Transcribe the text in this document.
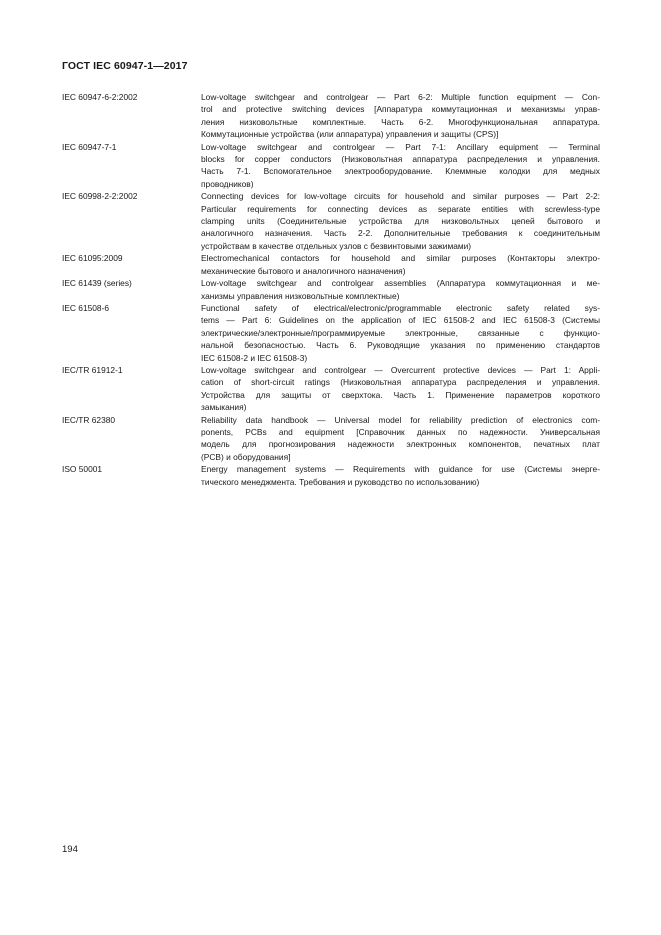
ГОСТ IEC 60947-1—2017
IEC 60947-6-2:2002	Low-voltage switchgear and controlgear — Part 6-2: Multiple function equipment — Con-
trol and protective switching devices [Аппаратура коммутационная и механизмы управ-
ления низковольтные комплектные. Часть 6-2. Многофункциональная аппаратура.
Коммутационные устройства (или аппаратура) управления и защиты (CPS)]
IEC 60947-7-1	Low-voltage switchgear and controlgear — Part 7-1: Ancillary equipment — Terminal
blocks for copper conductors (Низковольтная аппаратура распределения и управления.
Часть 7-1. Вспомогательное электрооборудование. Клеммные колодки для медных
проводников)
IEC 60998-2-2:2002	Connecting devices for low-voltage circuits for household and similar purposes — Part 2-2:
Particular requirements for connecting devices as separate entities with screwless-type
clamping units (Соединительные устройства для низковольтных цепей бытового и
аналогичного назначения. Часть 2-2. Дополнительные требования к соединительным
устройствам в качестве отдельных узлов с безвинтовыми зажимами)
IEC 61095:2009	Electromechanical contactors for household and similar purposes (Контакторы электро-
механические бытового и аналогичного назначения)
IEC 61439 (series)	Low-voltage switchgear and controlgear assemblies (Аппаратура коммутационная и ме-
ханизмы управления низковольтные комплектные)
IEC 61508-6	Functional safety of electrical/electronic/programmable electronic safety related sys-
tems — Part 6: Guidelines on the application of IEC 61508-2 and IEC 61508-3 (Системы
электрические/электронные/программируемые электронные, связанные с функцио-
нальной безопасностью. Часть 6. Руководящие указания по применению стандартов
IEC 61508-2 и IEC 61508-3)
IEC/TR 61912-1	Low-voltage switchgear and controlgear — Overcurrent protective devices — Part 1: Appli-
cation of short-circuit ratings (Низковольтная аппаратура распределения и управления.
Устройства для защиты от сверхтока. Часть 1. Применение параметров короткого
замыкания)
IEC/TR 62380	Reliability data handbook — Universal model for reliability prediction of electronics com-
ponents, PCBs and equipment [Справочник данных по надежности. Универсальная
модель для прогнозирования надежности электронных компонентов, печатных плат
(PCB) и оборудования]
ISO 50001	Energy management systems — Requirements with guidance for use (Системы энерге-
тического менеджмента. Требования и руководство по использованию)
194
